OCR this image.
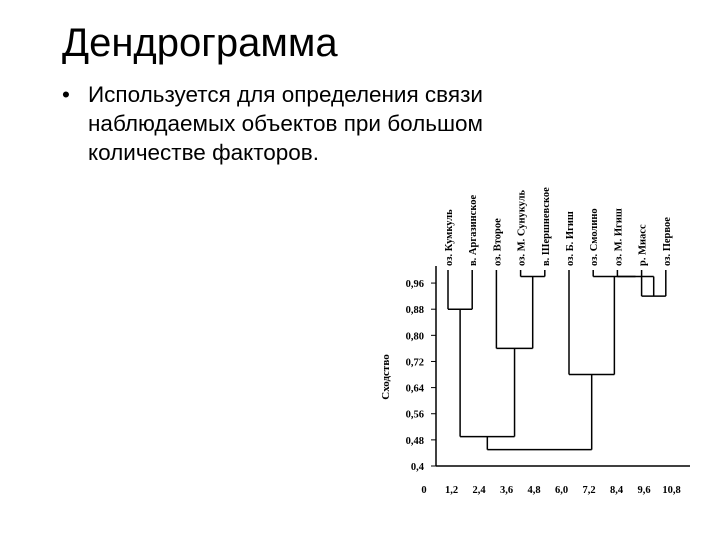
Дендрограмма
• Используется для определения связи
наблюдаемых объектов при большом
количестве факторов.
0,4
0,48
0,56
0,64
0,72
0,80
0,88
0,96
Сходство
0 1,2 2,4 3,6 4,8 6,0 7,2 8,4 9,6 10,8
оз. Кумкуль в. Аргазинское оз. Второе оз. М. Сунукуль в. Шершневское оз. Б. Игиш оз. Смолино оз. М. Игиш р. Миасс оз. Первое
